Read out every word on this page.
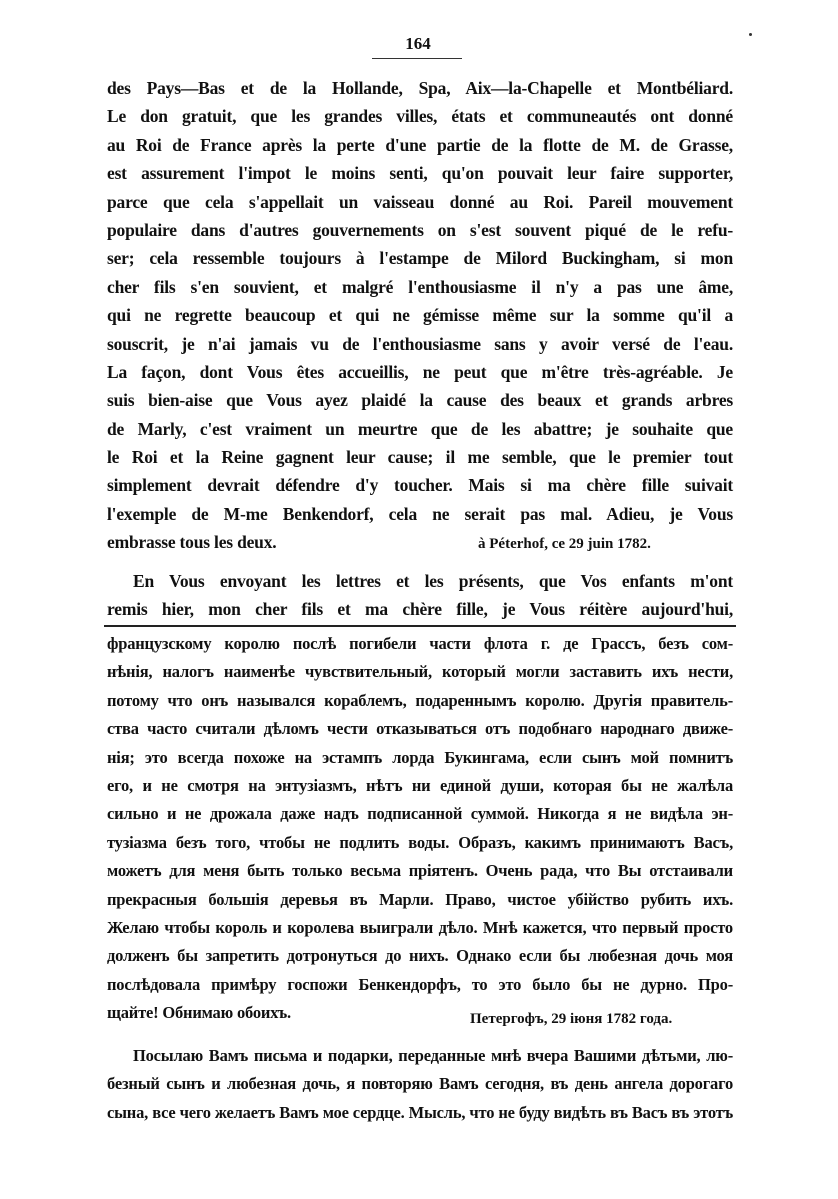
164
des Pays—Bas et de la Hollande, Spa, Aix—la-Chapelle et Montbéliard.
Le don gratuit, que les grandes villes, états et communeautés ont donné
au Roi de France après la perte d'une partie de la flotte de M. de Grasse,
est assurement l'impot le moins senti, qu'on pouvait leur faire supporter,
parce que cela s'appellait un vaisseau donné au Roi. Pareil mouvement
populaire dans d'autres gouvernements on s'est souvent piqué de le refu-
ser; cela ressemble toujours à l'estampe de Milord Buckingham, si mon
cher fils s'en souvient, et malgré l'enthousiasme il n'y a pas une âme,
qui ne regrette beaucoup et qui ne gémisse même sur la somme qu'il a
souscrit, je n'ai jamais vu de l'enthousiasme sans y avoir versé de l'eau.
La façon, dont Vous êtes accueillis, ne peut que m'être très-agréable. Je
suis bien-aise que Vous ayez plaidé la cause des beaux et grands arbres
de Marly, c'est vraiment un meurtre que de les abattre; je souhaite que
le Roi et la Reine gagnent leur cause; il me semble, que le premier tout
simplement devrait défendre d'y toucher. Mais si ma chère fille suivait
l'exemple de M-me Benkendorf, cela ne serait pas mal. Adieu, je Vous
embrasse tous les deux.	à Péterhof, ce 29 juin 1782.
En Vous envoyant les lettres et les présents, que Vos enfants m'ont
remis hier, mon cher fils et ma chère fille, je Vous réitère aujourd'hui,
французскому королю послѣ погибели части флота г. де Грассъ, безъ сом-
нѣнія, налогъ наименѣе чувствительный, который могли заставить ихъ нести,
потому что онъ назывался кораблемъ, подареннымъ королю. Другія правитель-
ства часто считали дѣломъ чести отказываться отъ подобнаго народнаго движе-
нія; это всегда похоже на эстампъ лорда Букингама, если сынъ мой помнитъ
его, и не смотря на энтузіазмъ, нѣтъ ни единой души, которая бы не жалѣла
сильно и не дрожала даже надъ подписанной суммой. Никогда я не видѣла эн-
тузіазма безъ того, чтобы не подлить воды. Образъ, какимъ принимаютъ Васъ,
можетъ для меня быть только весьма пріятенъ. Очень рада, что Вы отстаивали
прекрасныя большія деревья въ Марли. Право, чистое убійство рубить ихъ.
Желаю чтобы король и королева выиграли дѣло. Мнѣ кажется, что первый просто
долженъ бы запретить дотронуться до нихъ. Однако если бы любезная дочь моя
послѣдовала примѣру госпожи Бенкендорфъ, то это было бы не дурно. Про-
щайте! Обнимаю обоихъ.	Петергофъ, 29 іюня 1782 года.
Посылаю Вамъ письма и подарки, переданные мнѣ вчера Вашими дѣтьми, лю-
безный сынъ и любезная дочь, я повторяю Вамъ сегодня, въ день ангела дорогаго
сына, все чего желаетъ Вамъ мое сердце. Мысль, что не буду видѣть въ Васъ въ этотъ
